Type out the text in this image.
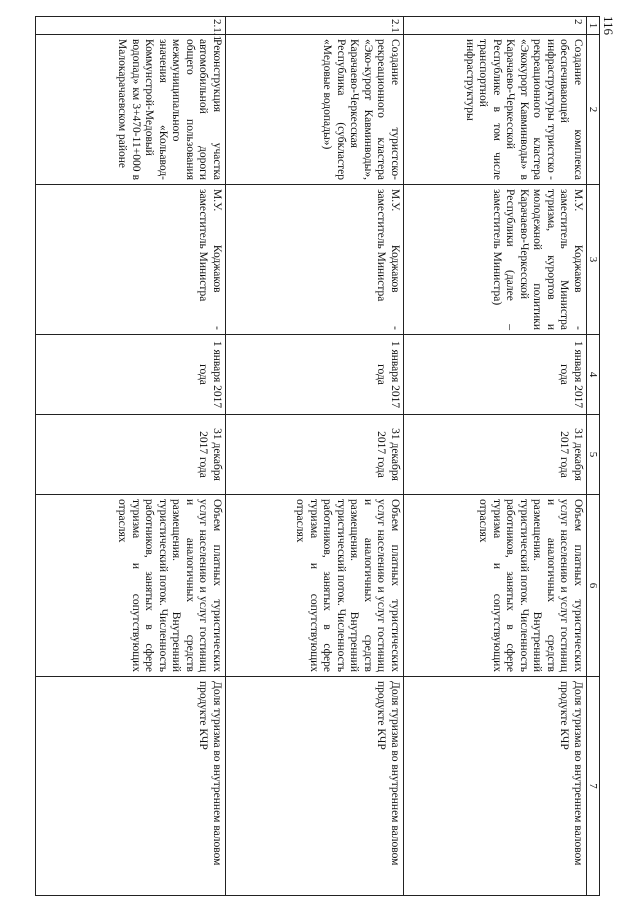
116
1	2	3	4	5	6	7
2	Создание комплекса обеспечивающей инфраструктуры туристско - рекреационного кластера «Экокурорт Кавминводы» в Карачаево-Черкесской Республике в том числе транспортной инфраструктуры	М.У. Коджаков - заместитель Министра туризма, курортов и молодежной политики Карачаево-Черкесской Республики (далее – заместитель Министра)	1 января 2017 года	31 декабря 2017 года	Объем платных туристических услуг населению и услуг гостиниц и аналогичных средств размещения. Внутренний туристический поток. Численность работников, занятых в сфере туризма и сопутствующих отраслях	Доля туризма во внутреннем валовом продукте КЧР
2.1	Создание туристско-рекреационного кластера «Эко-курорт Кавминводы», Карачаево-Черкесская Республика (субкластер «Медовые водопады»)	М.У. Коджаков - заместитель Министра	1 января 2017 года	31 декабря 2017 года	Объем платных туристических услуг населению и услуг гостиниц и аналогичных средств размещения. Внутренний туристический поток. Численность работников, занятых в сфере туризма и сопутствующих отраслях	Доля туризма во внутреннем валовом продукте КЧР
2.1.1	Реконструкция участка автомобильной дороги общего пользования межмуниципального значения «Кольавод-Коммунстрой-Медовый водопад» км 3+470-11+000 в Малокарачаевском районе	М.У. Коджаков - заместитель Министра	1 января 2017 года	31 декабря 2017 года	Объем платных туристических услуг населению и услуг гостиниц и аналогичных средств размещения. Внутренний туристический поток. Численность работников, занятых в сфере туризма и сопутствующих отраслях	Доля туризма во внутреннем валовом продукте КЧР
